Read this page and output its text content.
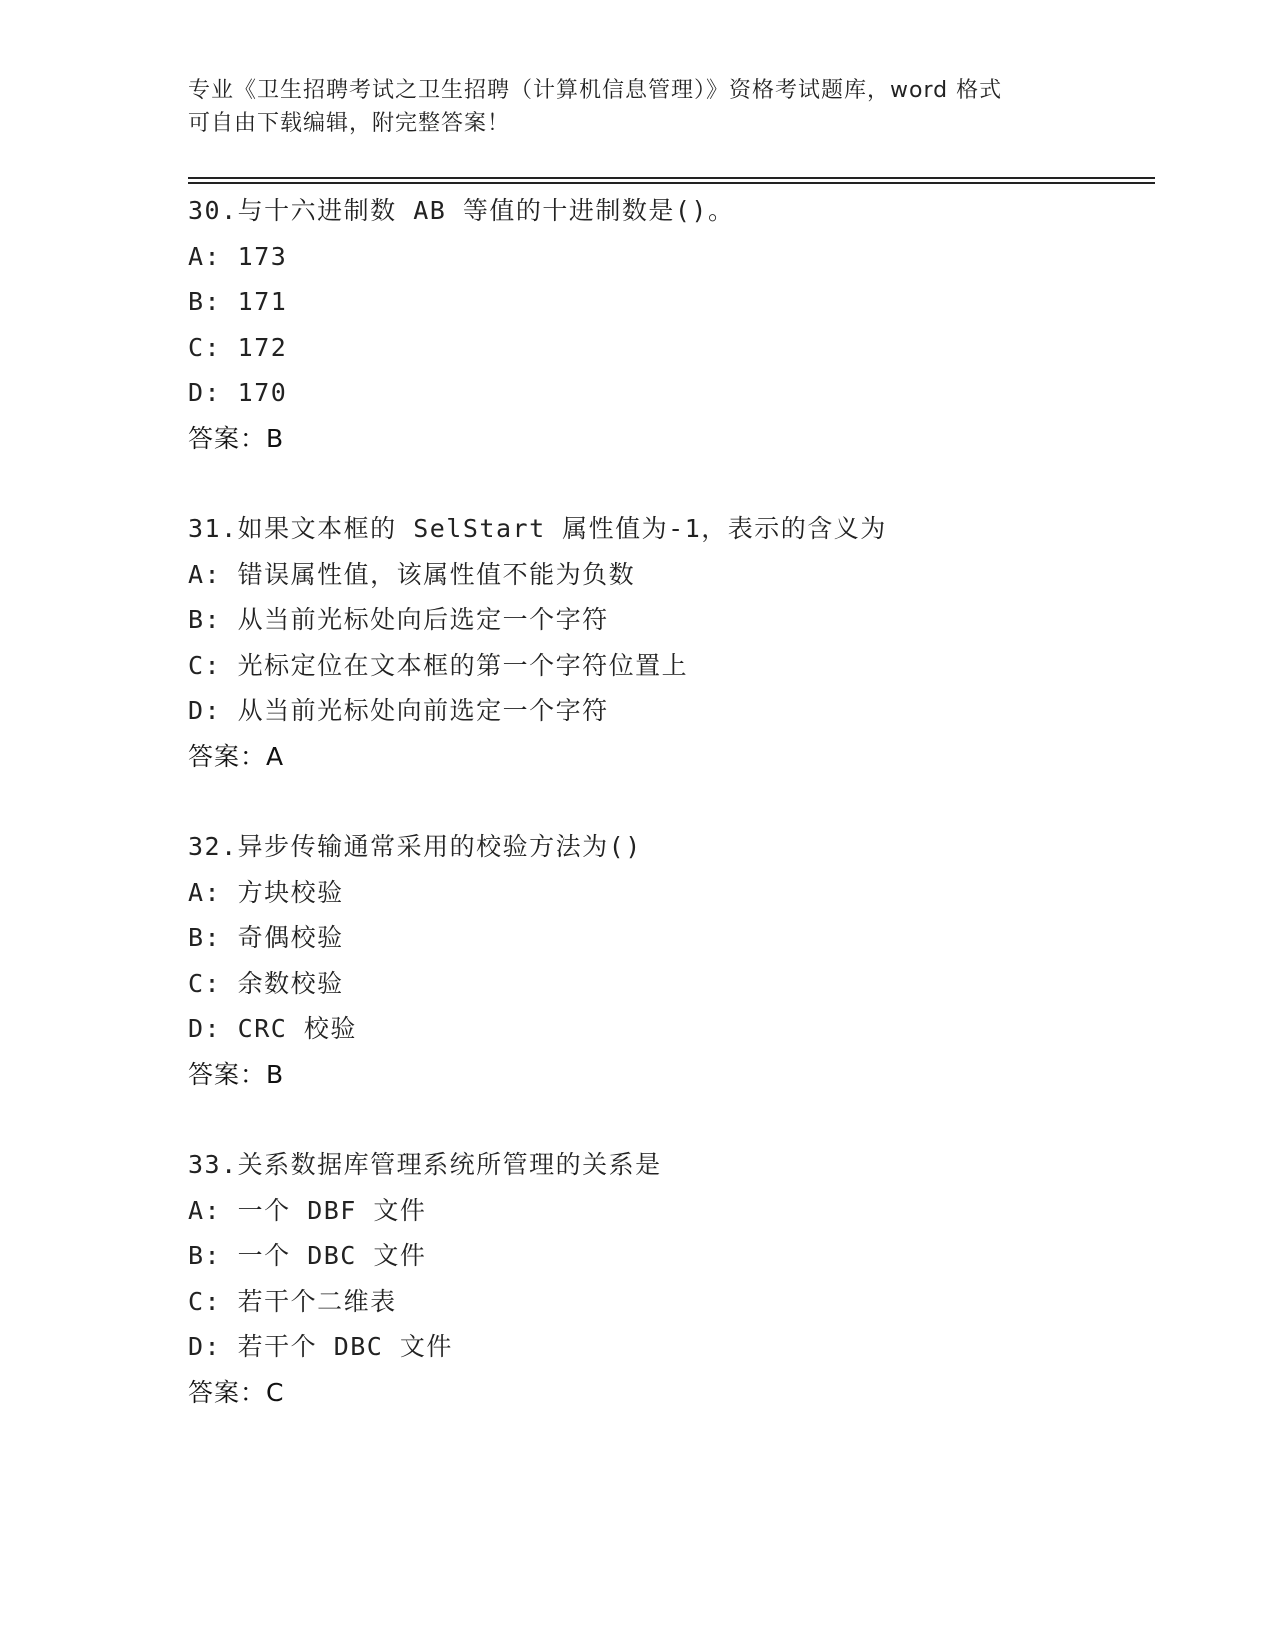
专业《卫生招聘考试之卫生招聘（计算机信息管理）》资格考试题库，word 格式
可自由下载编辑，附完整答案！
30.与十六进制数 AB 等值的十进制数是()。
A: 173
B: 171
C: 172
D: 170
答案：B
31.如果文本框的 SelStart 属性值为-1，表示的含义为
A: 错误属性值，该属性值不能为负数
B: 从当前光标处向后选定一个字符
C: 光标定位在文本框的第一个字符位置上
D: 从当前光标处向前选定一个字符
答案：A
32.异步传输通常采用的校验方法为()
A: 方块校验
B: 奇偶校验
C: 余数校验
D: CRC 校验
答案：B
33.关系数据库管理系统所管理的关系是
A: 一个 DBF 文件
B: 一个 DBC 文件
C: 若干个二维表
D: 若干个 DBC 文件
答案：C
